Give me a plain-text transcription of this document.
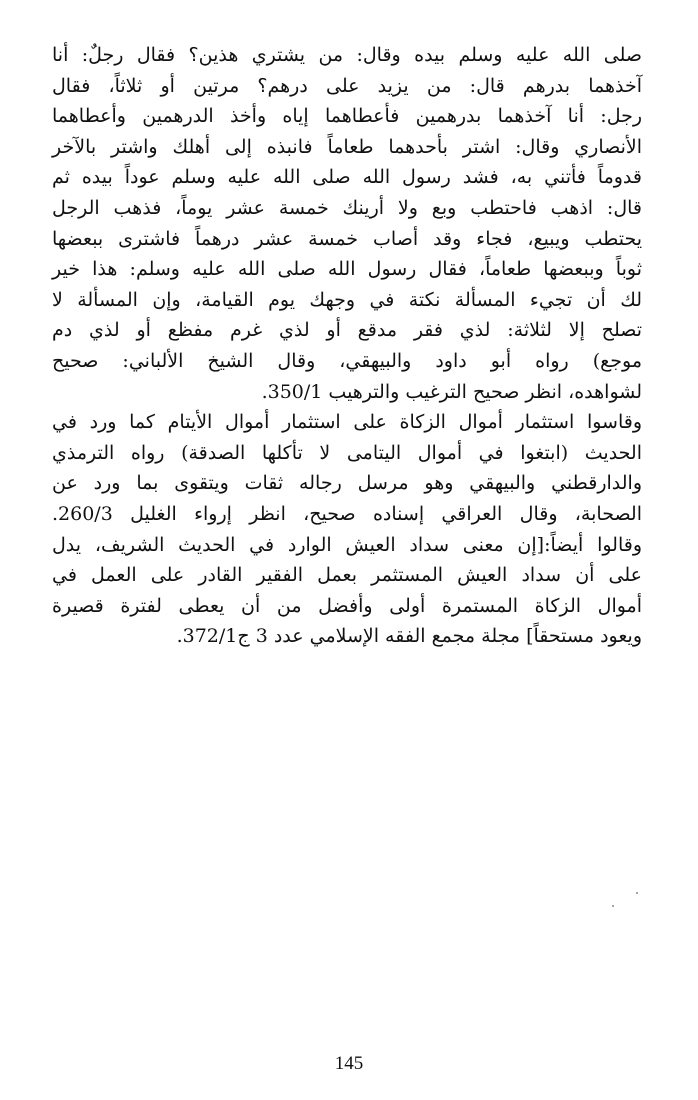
صلى الله عليه وسلم بيده وقال: من يشتري هذين؟ فقال رجلٌ: أنا
آخذهما بدرهم قال: من يزيد على درهم؟ مرتين أو ثلاثاً، فقال
رجل: أنا آخذهما بدرهمين فأعطاهما إياه وأخذ الدرهمين وأعطاهما
الأنصاري وقال: اشتر بأحدهما طعاماً فانبذه إلى أهلك واشتر بالآخر
قدوماً فأتني به، فشد رسول الله صلى الله عليه وسلم عوداً بيده ثم
قال: اذهب فاحتطب وبع ولا أرينك خمسة عشر يوماً، فذهب الرجل
يحتطب ويبيع، فجاء وقد أصاب خمسة عشر درهماً فاشترى ببعضها
ثوباً وببعضها طعاماً، فقال رسول الله صلى الله عليه وسلم: هذا خير
لك أن تجيء المسألة نكتة في وجهك يوم القيامة، وإن المسألة لا
تصلح إلا لثلاثة: لذي فقر مدقع أو لذي غرم مفظع أو لذي دم
موجع) رواه أبو داود والبيهقي، وقال الشيخ الألباني: صحيح
لشواهده، انظر صحيح الترغيب والترهيب 350/1.
وقاسوا استثمار أموال الزكاة على استثمار أموال الأيتام كما ورد في
الحديث (ابتغوا في أموال اليتامى لا تأكلها الصدقة) رواه الترمذي
والدارقطني والبيهقي وهو مرسل رجاله ثقات ويتقوى بما ورد عن
الصحابة، وقال العراقي إسناده صحيح، انظر إرواء الغليل 260/3.
وقالوا أيضاً:[إن معنى سداد العيش الوارد في الحديث الشريف، يدل
على أن سداد العيش المستثمر بعمل الفقير القادر على العمل في
أموال الزكاة المستمرة أولى وأفضل من أن يعطى لفترة قصيرة
ويعود مستحقاً] مجلة مجمع الفقه الإسلامي عدد 3 ج372/1.
145
